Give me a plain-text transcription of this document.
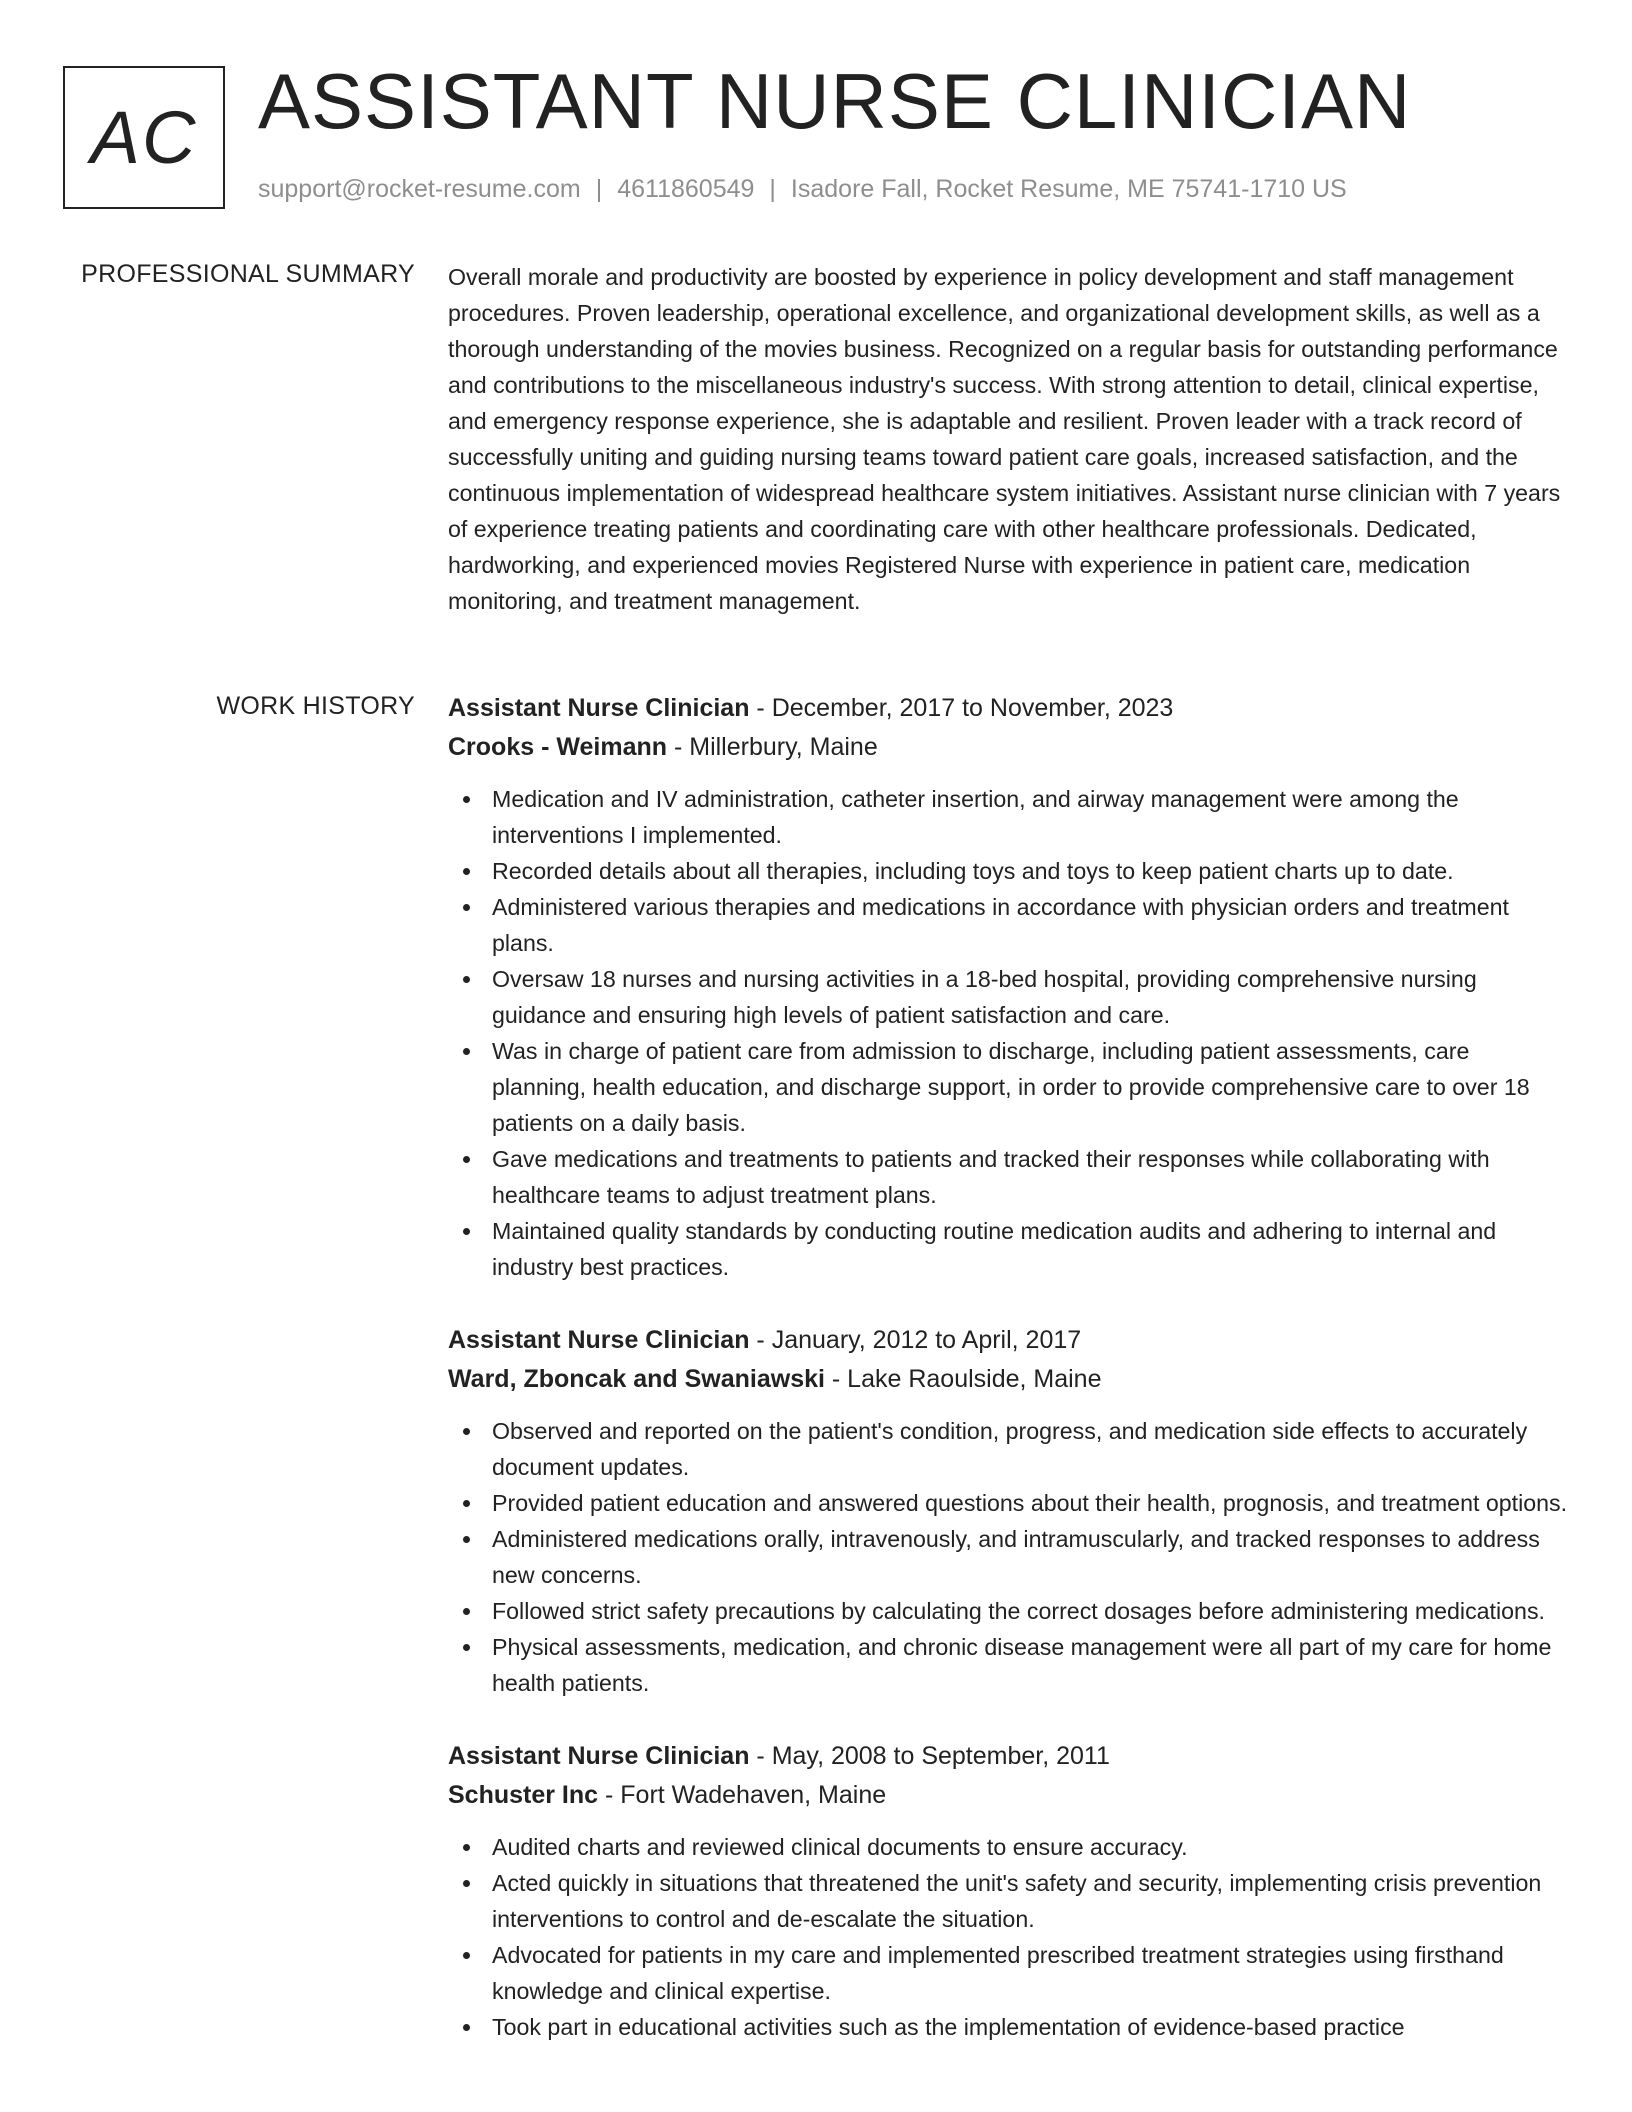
AC ASSISTANT NURSE CLINICIAN
support@rocket-resume.com | 4611860549 | Isadore Fall, Rocket Resume, ME 75741-1710 US
PROFESSIONAL SUMMARY Overall morale and productivity are boosted by experience in policy development and staff management procedures. Proven leadership, operational excellence, and organizational development skills, as well as a thorough understanding of the movies business. Recognized on a regular basis for outstanding performance and contributions to the miscellaneous industry's success. With strong attention to detail, clinical expertise, and emergency response experience, she is adaptable and resilient. Proven leader with a track record of successfully uniting and guiding nursing teams toward patient care goals, increased satisfaction, and the continuous implementation of widespread healthcare system initiatives. Assistant nurse clinician with 7 years of experience treating patients and coordinating care with other healthcare professionals. Dedicated, hardworking, and experienced movies Registered Nurse with experience in patient care, medication monitoring, and treatment management.

WORK HISTORY Assistant Nurse Clinician - December, 2017 to November, 2023
Crooks - Weimann - Millerbury, Maine
Medication and IV administration, catheter insertion, and airway management were among the interventions I implemented.
Recorded details about all therapies, including toys and toys to keep patient charts up to date.
Administered various therapies and medications in accordance with physician orders and treatment plans.
Oversaw 18 nurses and nursing activities in a 18-bed hospital, providing comprehensive nursing guidance and ensuring high levels of patient satisfaction and care.
Was in charge of patient care from admission to discharge, including patient assessments, care planning, health education, and discharge support, in order to provide comprehensive care to over 18 patients on a daily basis.
Gave medications and treatments to patients and tracked their responses while collaborating with healthcare teams to adjust treatment plans.
Maintained quality standards by conducting routine medication audits and adhering to internal and industry best practices.
Assistant Nurse Clinician - January, 2012 to April, 2017
Ward, Zboncak and Swaniawski - Lake Raoulside, Maine
Observed and reported on the patient's condition, progress, and medication side effects to accurately document updates.
Provided patient education and answered questions about their health, prognosis, and treatment options.
Administered medications orally, intravenously, and intramuscularly, and tracked responses to address new concerns.
Followed strict safety precautions by calculating the correct dosages before administering medications.
Physical assessments, medication, and chronic disease management were all part of my care for home health patients.
Assistant Nurse Clinician - May, 2008 to September, 2011
Schuster Inc - Fort Wadehaven, Maine
Audited charts and reviewed clinical documents to ensure accuracy.
Acted quickly in situations that threatened the unit's safety and security, implementing crisis prevention interventions to control and de-escalate the situation.
Advocated for patients in my care and implemented prescribed treatment strategies using firsthand knowledge and clinical expertise.
Took part in educational activities such as the implementation of evidence-based practice
